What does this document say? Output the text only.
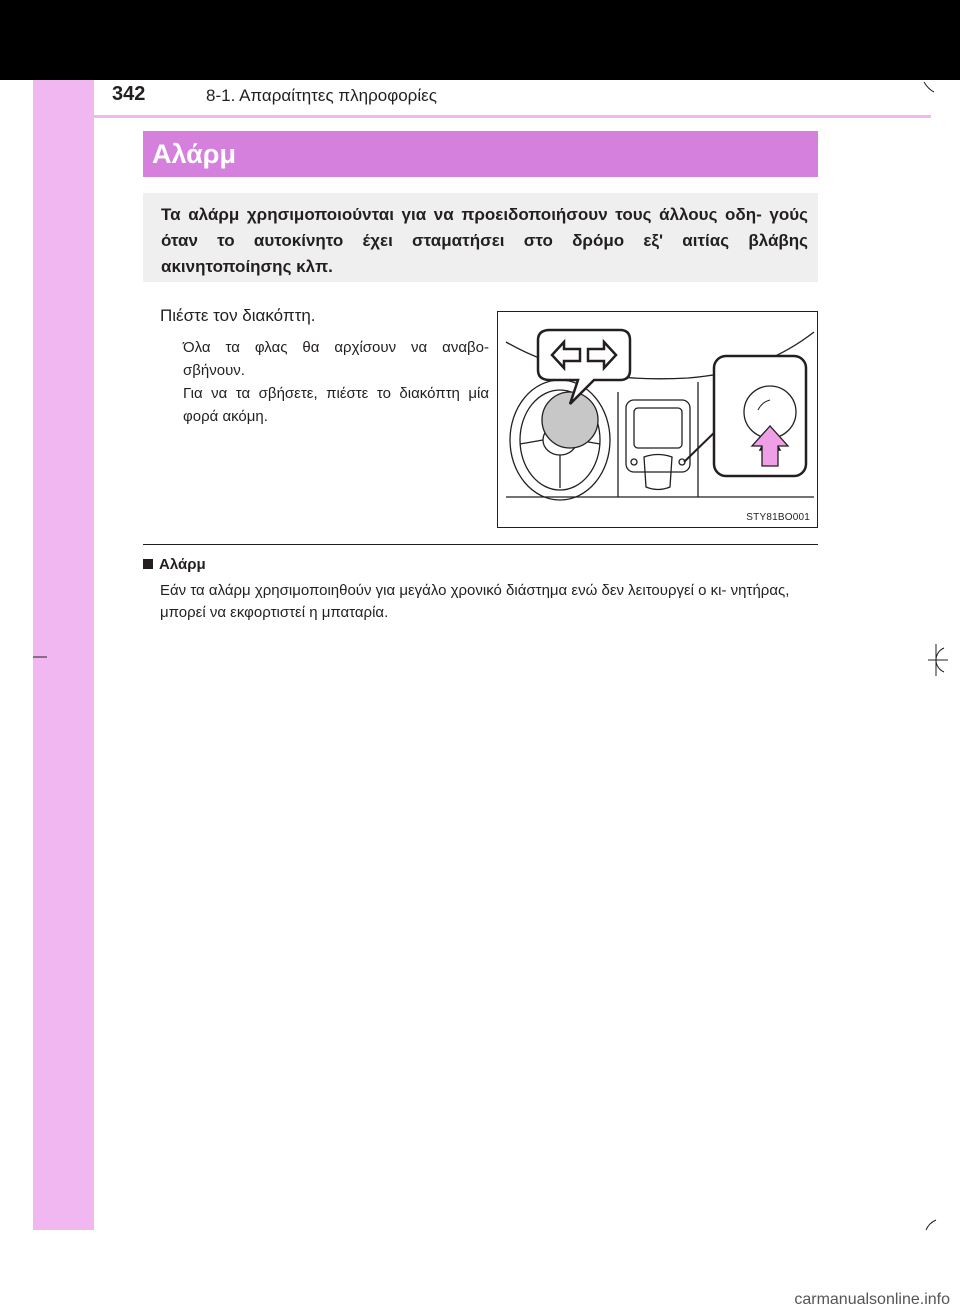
342	8-1. Απαραίτητες πληροφορίες
Αλάρμ
Τα αλάρμ χρησιμοποιούνται για να προειδοποιήσουν τους άλλους οδη- γούς όταν το αυτοκίνητο έχει σταματήσει στο δρόμο εξ' αιτίας βλάβης ακινητοποίησης κλπ.
Πιέστε τον διακόπτη.
Όλα τα φλας θα αρχίσουν να αναβο- σβήνουν.
Για να τα σβήσετε, πιέστε το διακόπτη μία φορά ακόμη.
STY81BO001
Αλάρμ
Εάν τα αλάρμ χρησιμοποιηθούν για μεγάλο χρονικό διάστημα ενώ δεν λειτουργεί ο κι- νητήρας, μπορεί να εκφορτιστεί η μπαταρία.
carmanualsonline.info
